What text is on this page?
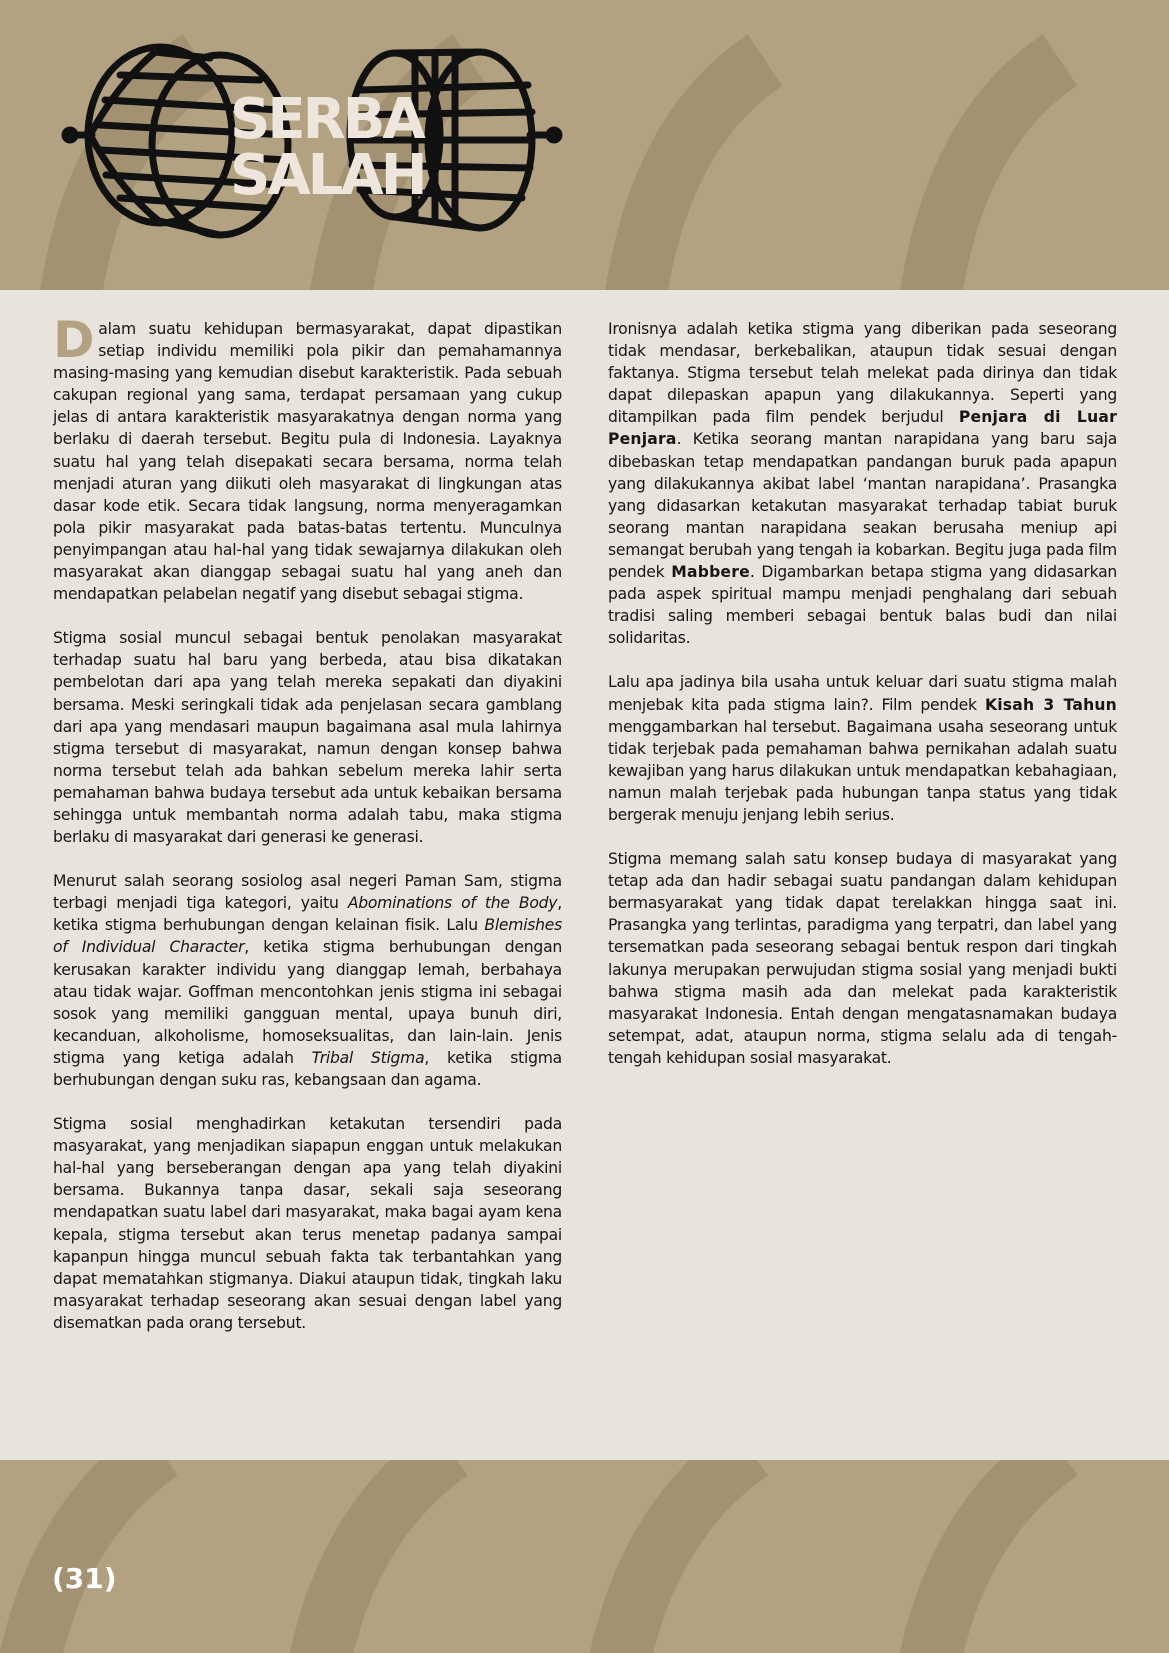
SERBA
SALAH

Dalam suatu kehidupan bermasyarakat, dapat dipastikan setiap individu memiliki pola pikir dan pemahamannya masing-masing yang kemudian disebut karakteristik. Pada sebuah cakupan regional yang sama, terdapat persamaan yang cukup jelas di antara karakteristik masyarakatnya dengan norma yang berlaku di daerah tersebut. Begitu pula di Indonesia. Layaknya suatu hal yang telah disepakati secara bersama, norma telah menjadi aturan yang diikuti oleh masyarakat di lingkungan atas dasar kode etik. Secara tidak langsung, norma menyeragamkan pola pikir masyarakat pada batas-batas tertentu. Munculnya penyimpangan atau hal-hal yang tidak sewajarnya dilakukan oleh masyarakat akan dianggap sebagai suatu hal yang aneh dan mendapatkan pelabelan negatif yang disebut sebagai stigma.

Stigma sosial muncul sebagai bentuk penolakan masyarakat terhadap suatu hal baru yang berbeda, atau bisa dikatakan pembelotan dari apa yang telah mereka sepakati dan diyakini bersama. Meski seringkali tidak ada penjelasan secara gamblang dari apa yang mendasari maupun bagaimana asal mula lahirnya stigma tersebut di masyarakat, namun dengan konsep bahwa norma tersebut telah ada bahkan sebelum mereka lahir serta pemahaman bahwa budaya tersebut ada untuk kebaikan bersama sehingga untuk membantah norma adalah tabu, maka stigma berlaku di masyarakat dari generasi ke generasi.

Menurut salah seorang sosiolog asal negeri Paman Sam, stigma terbagi menjadi tiga kategori, yaitu Abominations of the Body, ketika stigma berhubungan dengan kelainan fisik. Lalu Blemishes of Individual Character, ketika stigma berhubungan dengan kerusakan karakter individu yang dianggap lemah, berbahaya atau tidak wajar. Goffman mencontohkan jenis stigma ini sebagai sosok yang memiliki gangguan mental, upaya bunuh diri, kecanduan, alkoholisme, homoseksualitas, dan lain-lain. Jenis stigma yang ketiga adalah Tribal Stigma, ketika stigma berhubungan dengan suku ras, kebangsaan dan agama.

Stigma sosial menghadirkan ketakutan tersendiri pada masyarakat, yang menjadikan siapapun enggan untuk melakukan hal-hal yang berseberangan dengan apa yang telah diyakini bersama. Bukannya tanpa dasar, sekali saja seseorang mendapatkan suatu label dari masyarakat, maka bagai ayam kena kepala, stigma tersebut akan terus menetap padanya sampai kapanpun hingga muncul sebuah fakta tak terbantahkan yang dapat mematahkan stigmanya. Diakui ataupun tidak, tingkah laku masyarakat terhadap seseorang akan sesuai dengan label yang disematkan pada orang tersebut.

Ironisnya adalah ketika stigma yang diberikan pada seseorang tidak mendasar, berkebalikan, ataupun tidak sesuai dengan faktanya. Stigma tersebut telah melekat pada dirinya dan tidak dapat dilepaskan apapun yang dilakukannya. Seperti yang ditampilkan pada film pendek berjudul Penjara di Luar Penjara. Ketika seorang mantan narapidana yang baru saja dibebaskan tetap mendapatkan pandangan buruk pada apapun yang dilakukannya akibat label ‘mantan narapidana’. Prasangka yang didasarkan ketakutan masyarakat terhadap tabiat buruk seorang mantan narapidana seakan berusaha meniup api semangat berubah yang tengah ia kobarkan. Begitu juga pada film pendek Mabbere. Digambarkan betapa stigma yang didasarkan pada aspek spiritual mampu menjadi penghalang dari sebuah tradisi saling memberi sebagai bentuk balas budi dan nilai solidaritas.

Lalu apa jadinya bila usaha untuk keluar dari suatu stigma malah menjebak kita pada stigma lain?. Film pendek Kisah 3 Tahun menggambarkan hal tersebut. Bagaimana usaha seseorang untuk tidak terjebak pada pemahaman bahwa pernikahan adalah suatu kewajiban yang harus dilakukan untuk mendapatkan kebahagiaan, namun malah terjebak pada hubungan tanpa status yang tidak bergerak menuju jenjang lebih serius.

Stigma memang salah satu konsep budaya di masyarakat yang tetap ada dan hadir sebagai suatu pandangan dalam kehidupan bermasyarakat yang tidak dapat terelakkan hingga saat ini. Prasangka yang terlintas, paradigma yang terpatri, dan label yang tersematkan pada seseorang sebagai bentuk respon dari tingkah lakunya merupakan perwujudan stigma sosial yang menjadi bukti bahwa stigma masih ada dan melekat pada karakteristik masyarakat Indonesia. Entah dengan mengatasnamakan budaya setempat, adat, ataupun norma, stigma selalu ada di tengah-tengah kehidupan sosial masyarakat.

(31)
